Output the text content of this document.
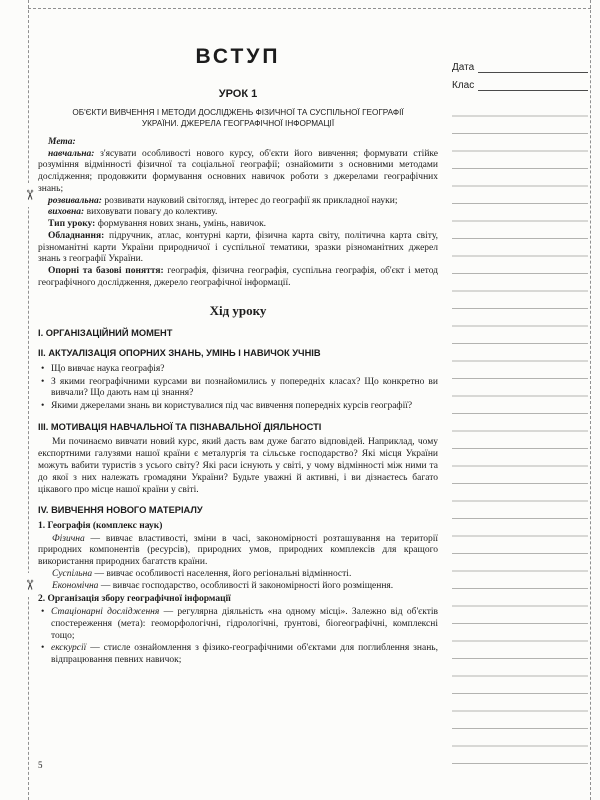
✂
✂
Дата
Клас
ВСТУП
УРОК 1
ОБ'ЄКТИ ВИВЧЕННЯ І МЕТОДИ ДОСЛІДЖЕНЬ ФІЗИЧНОЇ ТА СУСПІЛЬНОЇ ГЕОГРАФІЇ УКРАЇНИ. ДЖЕРЕЛА ГЕОГРАФІЧНОЇ ІНФОРМАЦІЇ

Мета:

навчальна: з'ясувати особливості нового курсу, об'єкти його вивчення; формувати стійке розуміння відмінності фізичної та соціальної географії; ознайомити з основними методами дослідження; продовжити формування основних навичок роботи з джерелами географічних знань;

розвивальна: розвивати науковий світогляд, інтерес до географії як прикладної науки;

виховна: виховувати повагу до колективу.

Тип уроку: формування нових знань, умінь, навичок.

Обладнання: підручник, атлас, контурні карти, фізична карта світу, політична карта світу, різноманітні карти України природничої і суспільної тематики, зразки різноманітних джерел знань з географії України.

Опорні та базові поняття: географія, фізична географія, суспільна географія, об'єкт і метод географічного дослідження, джерело географічної інформації.

Хід уроку
I. ОРГАНІЗАЦІЙНИЙ МОМЕНТ
II. АКТУАЛІЗАЦІЯ ОПОРНИХ ЗНАНЬ, УМІНЬ І НАВИЧОК УЧНІВ

• Що вивчає наука географія?

• З якими географічними курсами ви познайомились у попередніх класах? Що конкретно ви вивчали? Що дають нам ці знання?

• Якими джерелами знань ви користувалися під час вивчення попередніх курсів географії?

III. МОТИВАЦІЯ НАВЧАЛЬНОЇ ТА ПІЗНАВАЛЬНОЇ ДІЯЛЬНОСТІ

Ми починаємо вивчати новий курс, який дасть вам дуже багато відповідей. Наприклад, чому експортними галузями нашої країни є металургія та сільське господарство? Які місця України можуть вабити туристів з усього світу? Які раси існують у світі, у чому відмінності між ними та до якої з них належать громадяни України? Будьте уважні й активні, і ви дізнаєтесь багато цікавого про місце нашої країни у світі.

IV. ВИВЧЕННЯ НОВОГО МАТЕРІАЛУ

1. Географія (комплекс наук)

Фізична — вивчає властивості, зміни в часі, закономірності розташування на території природних компонентів (ресурсів), природних умов, природних комплексів для кращого використання природних багатств країни.

Суспільна — вивчає особливості населення, його регіональні відмінності.

Економічна — вивчає господарство, особливості й закономірності його розміщення.

2. Організація збору географічної інформації

• Стаціонарні дослідження — регулярна діяльність «на одному місці». Залежно від об'єктів спостереження (мета): геоморфологічні, гідрологічні, ґрунтові, біогеографічні, комплексні тощо;

• екскурсії — стисле ознайомлення з фізико-географічними об'єктами для поглиблення знань, відпрацювання певних навичок;

5
